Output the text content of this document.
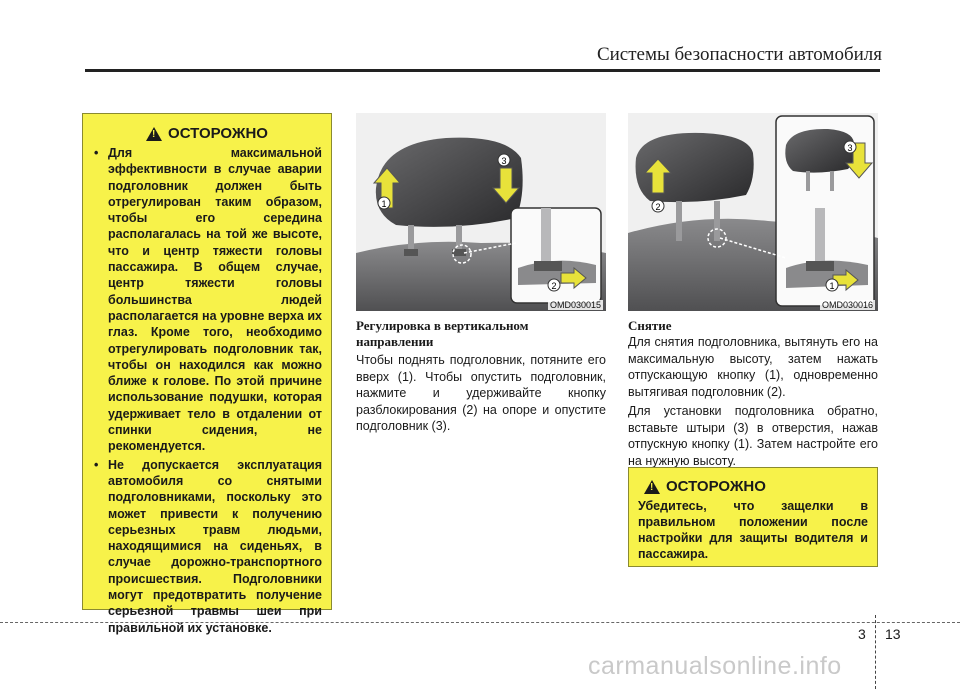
Системы безопасности автомобиля
!
ОСТОРОЖНО
• Для максимальной эффективности в случае аварии подголовник должен быть отрегулирован таким образом, чтобы его середина располагалась на той же высоте, что и центр тяжести головы пассажира. В общем случае, центр тяжести головы большинства людей располагается на уровне верха их глаз. Кроме того, необходимо отрегулировать подголовник так, чтобы он находился как можно ближе к голове. По этой причине использование подушки, которая удерживает тело в отдалении от спинки сидения, не рекомендуется.
• Не допускается эксплуатация автомобиля со снятыми подголовниками, поскольку это может привести к получению серьезных травм людьми, находящимися на сиденьях, в случае дорожно-транспортного происшествия. Подголовники могут предотвратить получение серьезной травмы шеи при правильной их установке.
1
3
2
OMD030015
2
3
1
OMD030016
Регулировка в вертикальном направлении

Чтобы поднять подголовник, потяните его вверх (1). Чтобы опустить подголовник, нажмите и удерживайте кнопку разблокирования (2) на опоре и опустите подголовник (3).

Снятие

Для снятия подголовника, вытянуть его на максимальную высоту, затем нажать отпускающую кнопку (1), одновременно вытягивая подголовник (2).

Для установки подголовника обратно, вставьте штыри (3) в отверстия, нажав отпускную кнопку (1). Затем настройте его на нужную высоту.

!
ОСТОРОЖНО
Убедитесь, что защелки в правильном положении после настройки для защиты водителя и пассажира.
3 13
carmanualsonline.info
